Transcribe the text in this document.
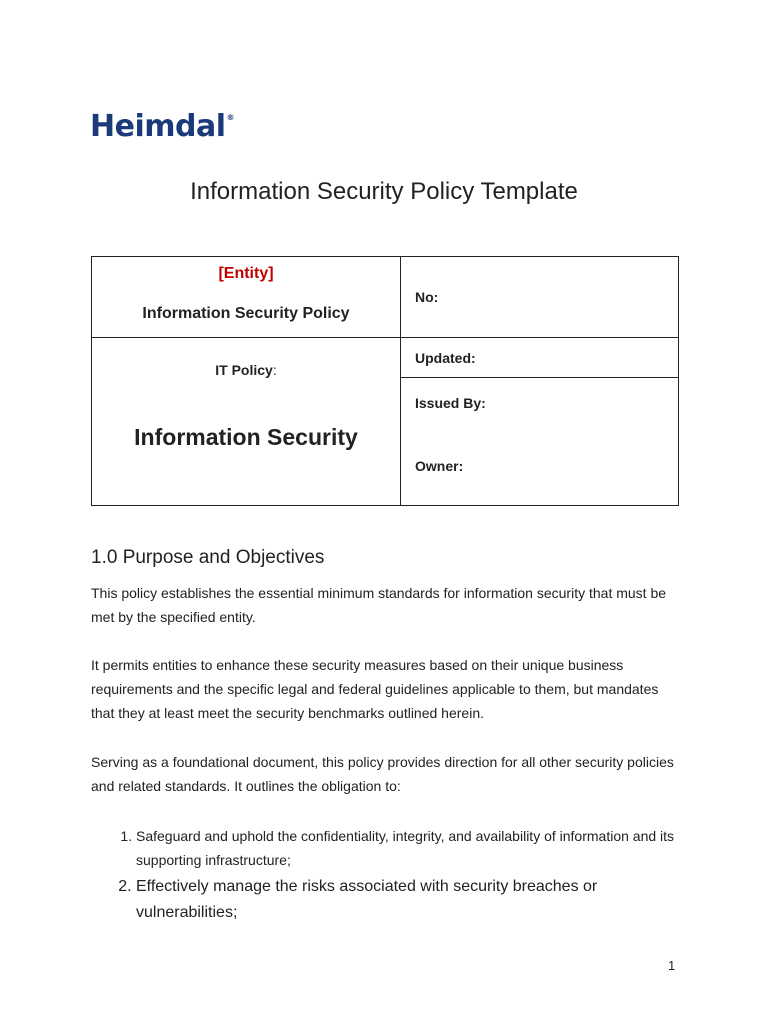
Heimdal®
Information Security Policy Template
[Entity]
Information Security Policy	No:

IT Policy:
Information Security	Updated:
	Issued By:
	Owner:
1.0 Purpose and Objectives

This policy establishes the essential minimum standards for information security that must be met by the specified entity.

It permits entities to enhance these security measures based on their unique business requirements and the specific legal and federal guidelines applicable to them, but mandates that they at least meet the security benchmarks outlined herein.

Serving as a foundational document, this policy provides direction for all other security policies and related standards. It outlines the obligation to:

1. Safeguard and uphold the confidentiality, integrity, and availability of information and its supporting infrastructure;
2. Effectively manage the risks associated with security breaches or vulnerabilities;
1
